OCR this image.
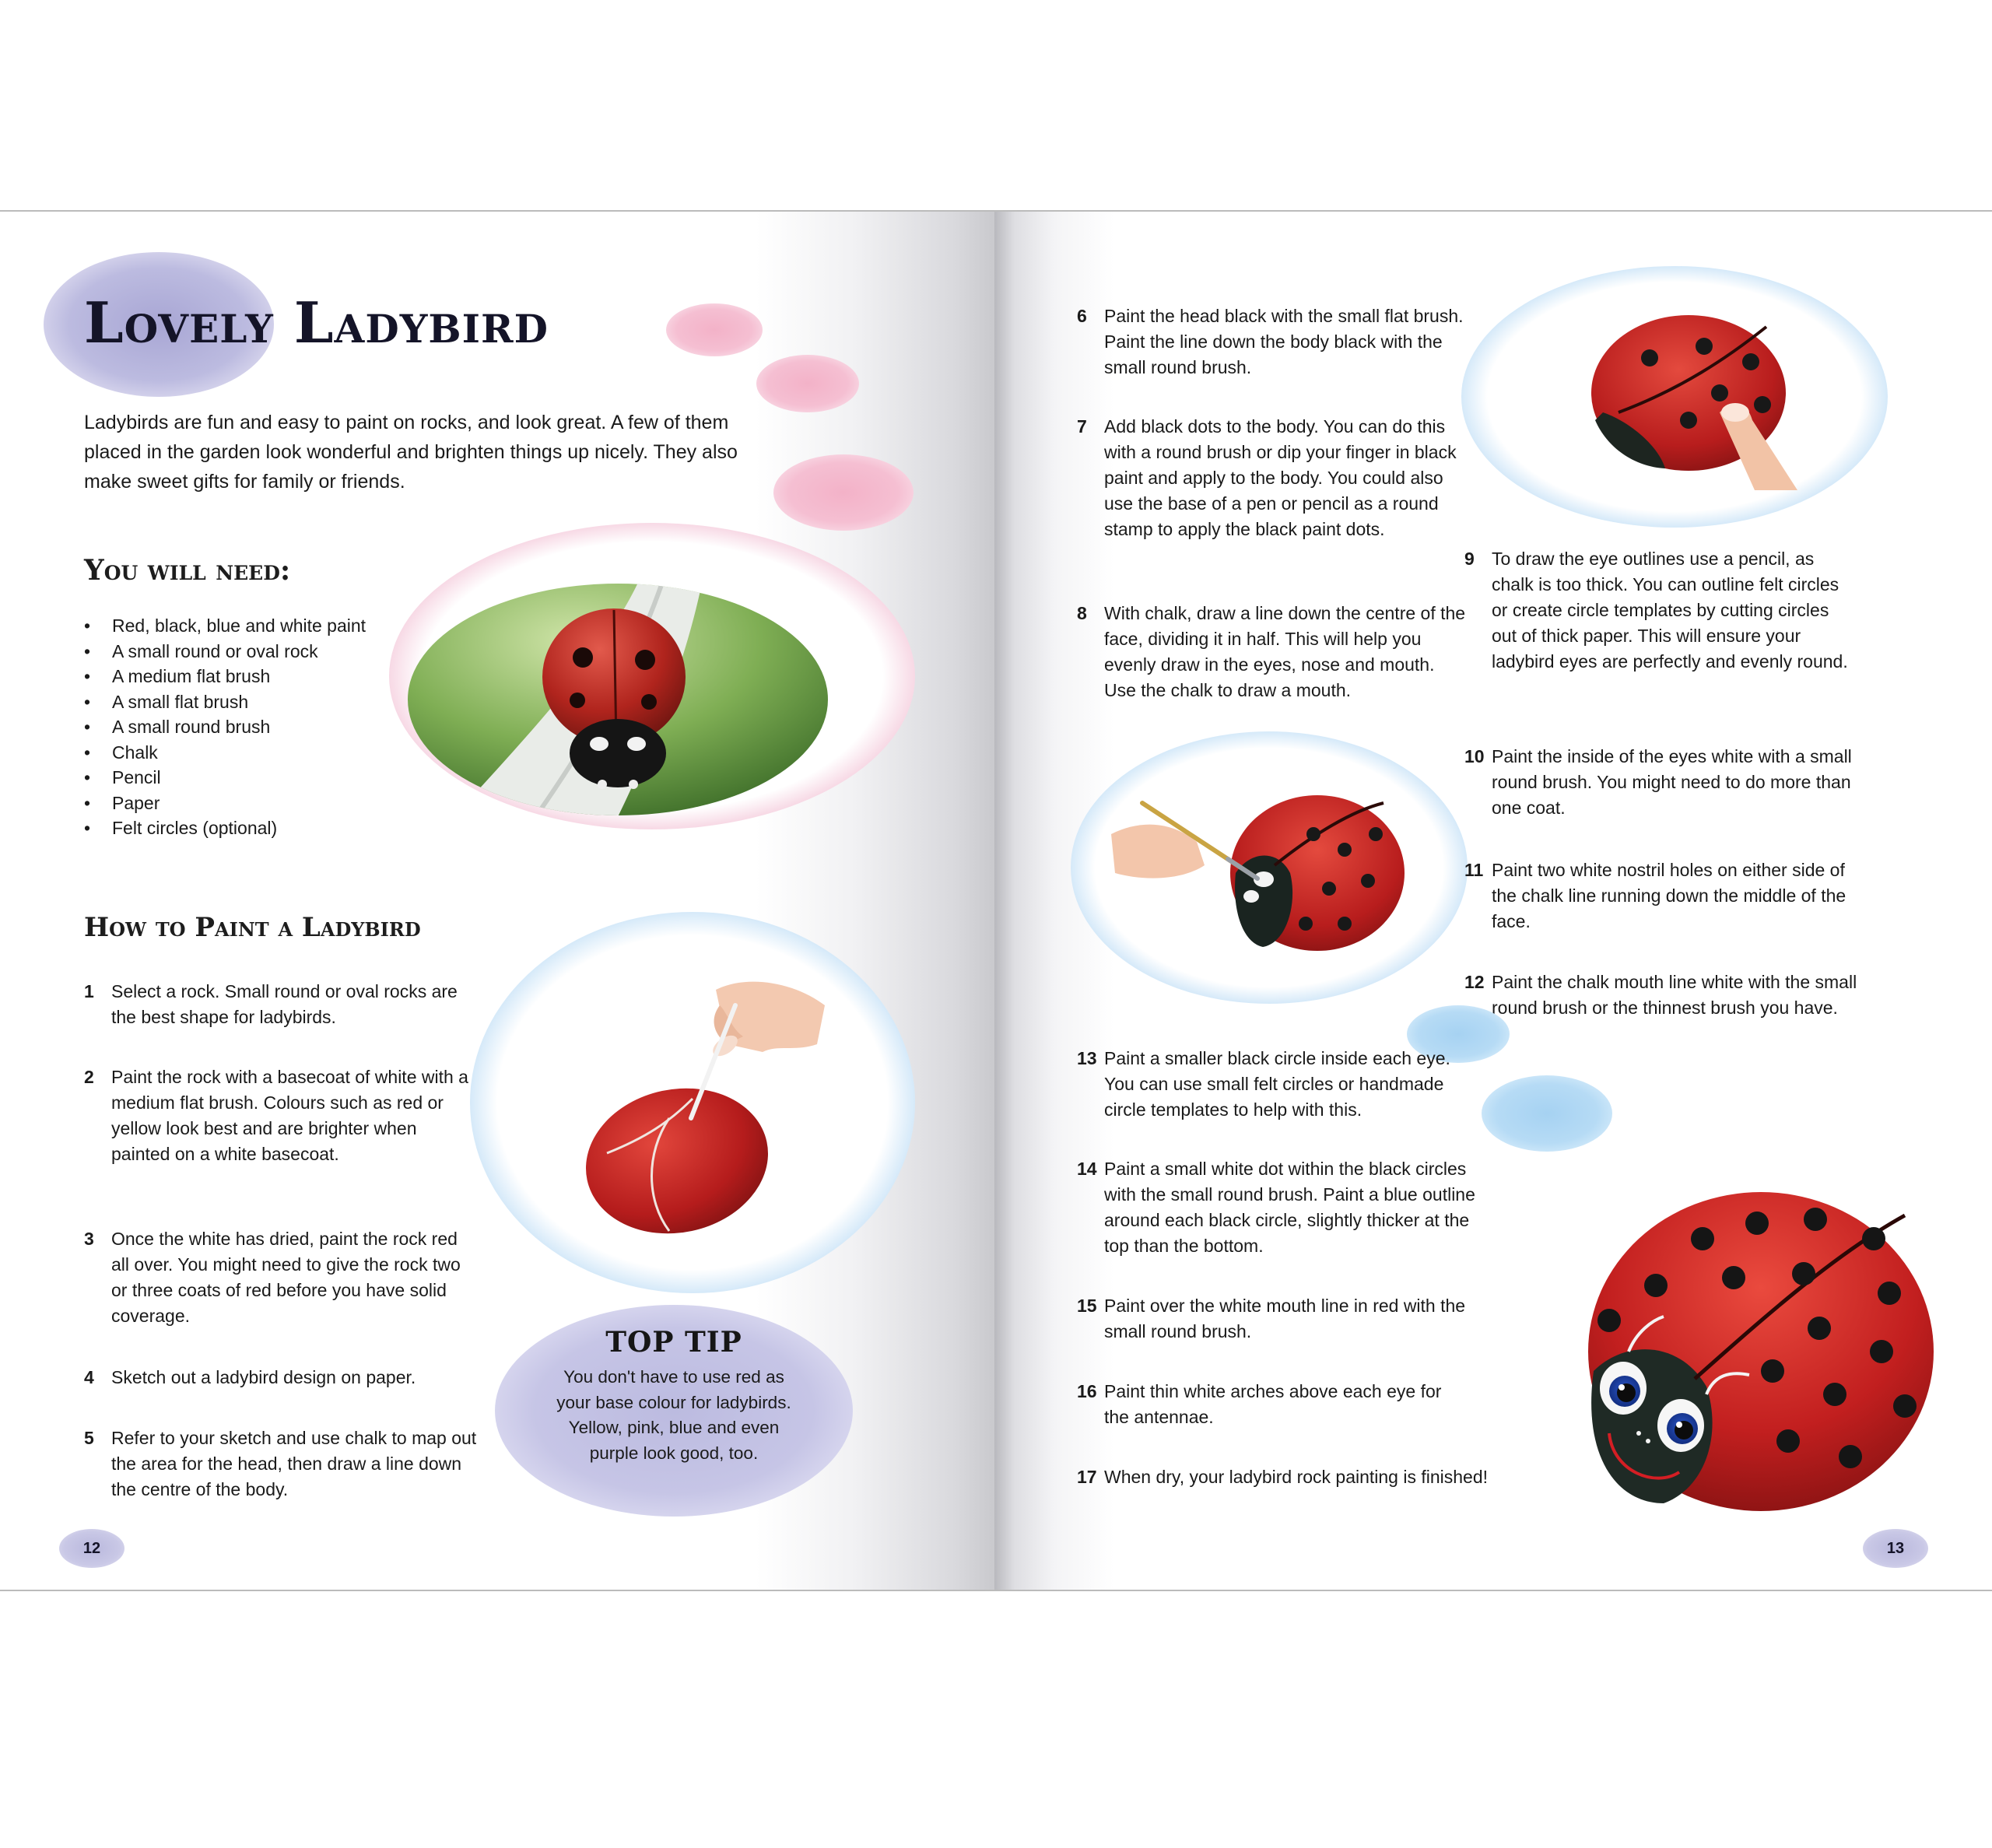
Lovely Ladybird
Ladybirds are fun and easy to paint on rocks, and look great. A few of them placed in the garden look wonderful and brighten things up nicely. They also make sweet gifts for family or friends.
You will need:
• Red, black, blue and white paint
• A small round or oval rock
• A medium flat brush
• A small flat brush
• A small round brush
• Chalk
• Pencil
• Paper
• Felt circles (optional)
How to Paint a Ladybird
1 Select a rock. Small round or oval rocks are the best shape for ladybirds.
2 Paint the rock with a basecoat of white with a medium flat brush. Colours such as red or yellow look best and are brighter when painted on a white basecoat.
3 Once the white has dried, paint the rock red all over. You might need to give the rock two or three coats of red before you have solid coverage.
4 Sketch out a ladybird design on paper.
5 Refer to your sketch and use chalk to map out the area for the head, then draw a line down the centre of the body.
TOP TIP
You don't have to use red as your base colour for ladybirds. Yellow, pink, blue and even purple look good, too.
12
6 Paint the head black with the small flat brush. Paint the line down the body black with the small round brush.
7 Add black dots to the body. You can do this with a round brush or dip your finger in black paint and apply to the body. You could also use the base of a pen or pencil as a round stamp to apply the black paint dots.
8 With chalk, draw a line down the centre of the face, dividing it in half. This will help you evenly draw in the eyes, nose and mouth. Use the chalk to draw a mouth.
9 To draw the eye outlines use a pencil, as chalk is too thick. You can outline felt circles or create circle templates by cutting circles out of thick paper. This will ensure your ladybird eyes are perfectly and evenly round.
10 Paint the inside of the eyes white with a small round brush. You might need to do more than one coat.
11 Paint two white nostril holes on either side of the chalk line running down the middle of the face.
12 Paint the chalk mouth line white with the small round brush or the thinnest brush you have.
13 Paint a smaller black circle inside each eye. You can use small felt circles or handmade circle templates to help with this.
14 Paint a small white dot within the black circles with the small round brush. Paint a blue outline around each black circle, slightly thicker at the top than the bottom.
15 Paint over the white mouth line in red with the small round brush.
16 Paint thin white arches above each eye for the antennae.
17 When dry, your ladybird rock painting is finished!
13
